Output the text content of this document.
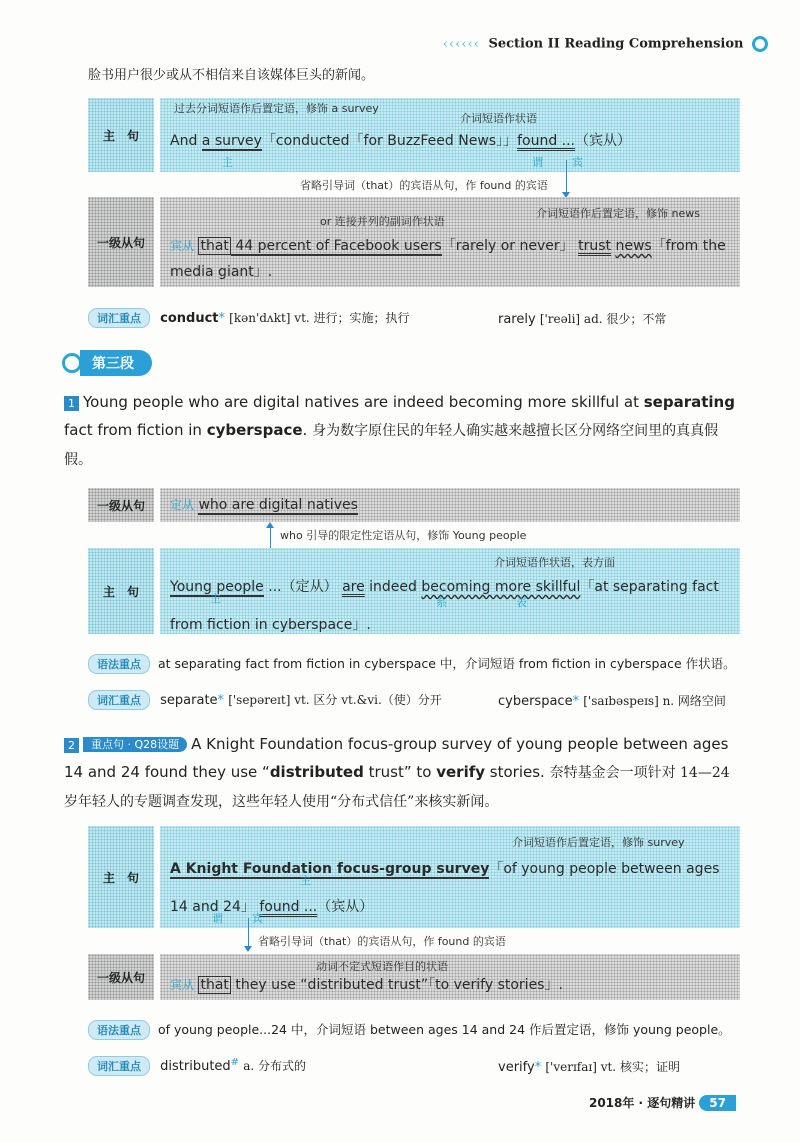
‹‹‹‹‹‹ Section II Reading Comprehension
脸书用户很少或从不相信来自该媒体巨头的新闻。
主　句
过去分词短语作后置定语，修饰 a survey
介词短语作状语
And a survey「conducted「for BuzzFeed News」」found ...（宾从）
主	谓	宾
省略引导词（that）的宾语从句，作 found 的宾语
一级从句
or 连接并列的副词作状语
介词短语作后置定语，修饰 news
宾从 that 44 percent of Facebook users「rarely or never」 trust news「from the media giant」.
词汇重点 conduct* [kən'dʌkt] vt. 进行；实施；执行	rarely ['reəli] ad. 很少；不常
第三段
1 Young people who are digital natives are indeed becoming more skillful at separating fact from fiction in cyberspace. 身为数字原住民的年轻人确实越来越擅长区分网络空间里的真真假假。
一级从句 定从 who are digital natives
who 引导的限定性定语从句，修饰 Young people
主　句
介词短语作状语，表方面
Young people ...（定从） are indeed becoming more skillful「at separating fact from fiction in cyberspace」.
主	系	表
语法重点 at separating fact from fiction in cyberspace 中，介词短语 from fiction in cyberspace 作状语。
词汇重点 separate* ['sepəreɪt] vt. 区分 vt.&vi.（使）分开	cyberspace* ['saɪbəspeɪs] n. 网络空间
2 重点句 · Q28设题 A Knight Foundation focus-group survey of young people between ages 14 and 24 found they use “distributed trust” to verify stories. 奈特基金会一项针对 14—24 岁年轻人的专题调查发现，这些年轻人使用“分布式信任”来核实新闻。
主　句
介词短语作后置定语，修饰 survey
A Knight Foundation focus-group survey「of young people between ages 14 and 24」 found ...（宾从）
主
谓	宾
省略引导词（that）的宾语从句，作 found 的宾语
一级从句
动词不定式短语作目的状语
宾从 that they use “distributed trust”「to verify stories」.
语法重点 of young people...24 中，介词短语 between ages 14 and 24 作后置定语，修饰 young people。
词汇重点 distributed# a. 分布式的	verify* ['verɪfaɪ] vt. 核实；证明
2018年 · 逐句精讲 57
